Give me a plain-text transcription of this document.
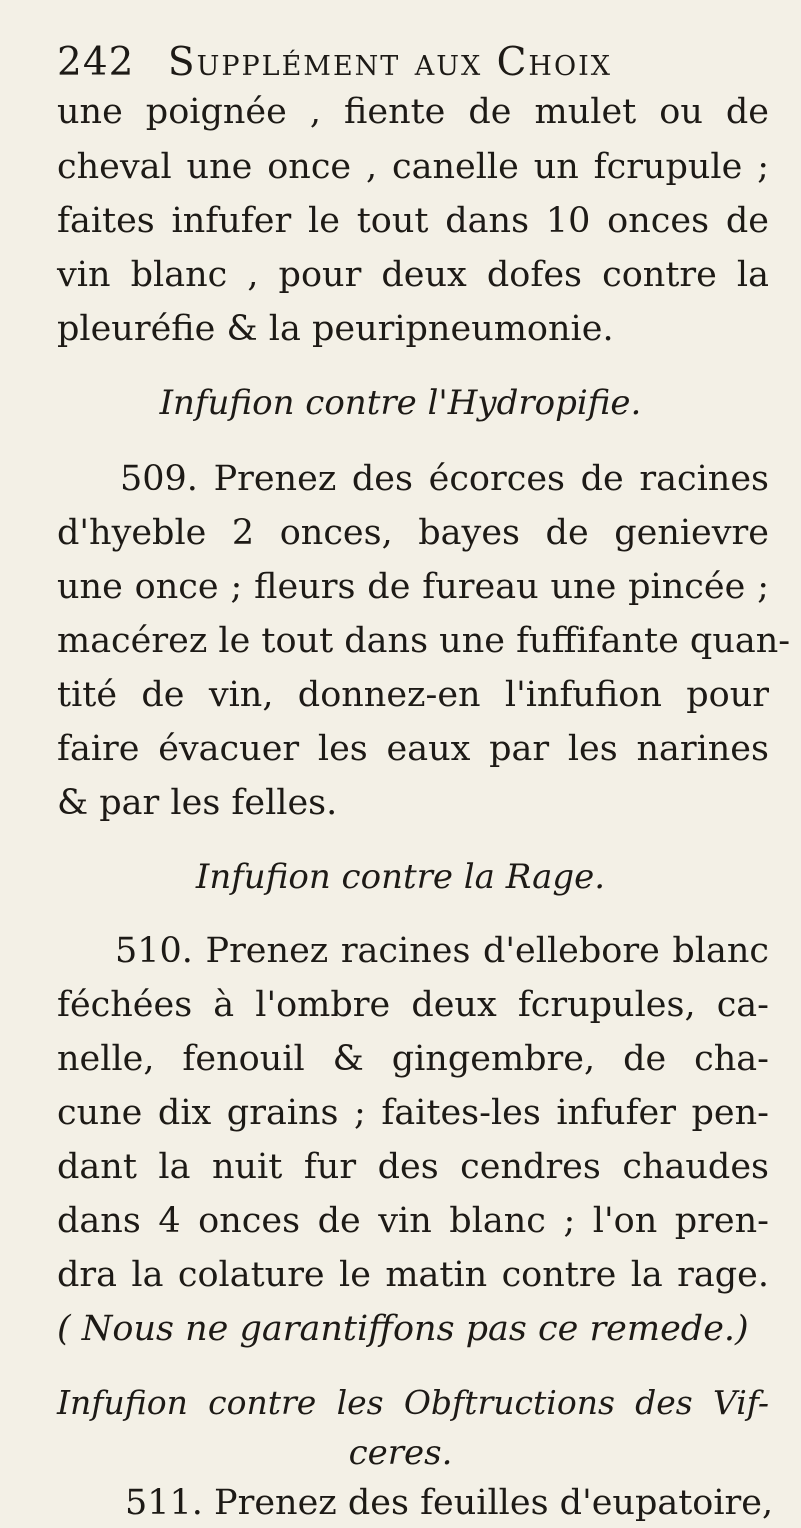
242 Supplément aux Choix
une poignée , fiente de mulet ou de
cheval une once , canelle un fcrupule ;
faites infufer le tout dans 10 onces de
vin blanc , pour deux dofes contre la
pleuréfie & la peuripneumonie.
Infufion contre l'Hydropifie.
509. Prenez des écorces de racines
d'hyeble 2 onces, bayes de genievre
une once ; fleurs de fureau une pincée ;
macérez le tout dans une fuffifante quan-
tité de vin, donnez-en l'infufion pour
faire évacuer les eaux par les narines
& par les felles.
Infufion contre la Rage.
510. Prenez racines d'ellebore blanc
féchées à l'ombre deux fcrupules, ca-
nelle, fenouil & gingembre, de cha-
cune dix grains ; faites-les infufer pen-
dant la nuit fur des cendres chaudes
dans 4 onces de vin blanc ; l'on pren-
dra la colature le matin contre la rage.
( Nous ne garantiffons pas ce remede.)
Infufion contre les Obftructions des Vif-
ceres.
511. Prenez des feuilles d'eupatoire,
